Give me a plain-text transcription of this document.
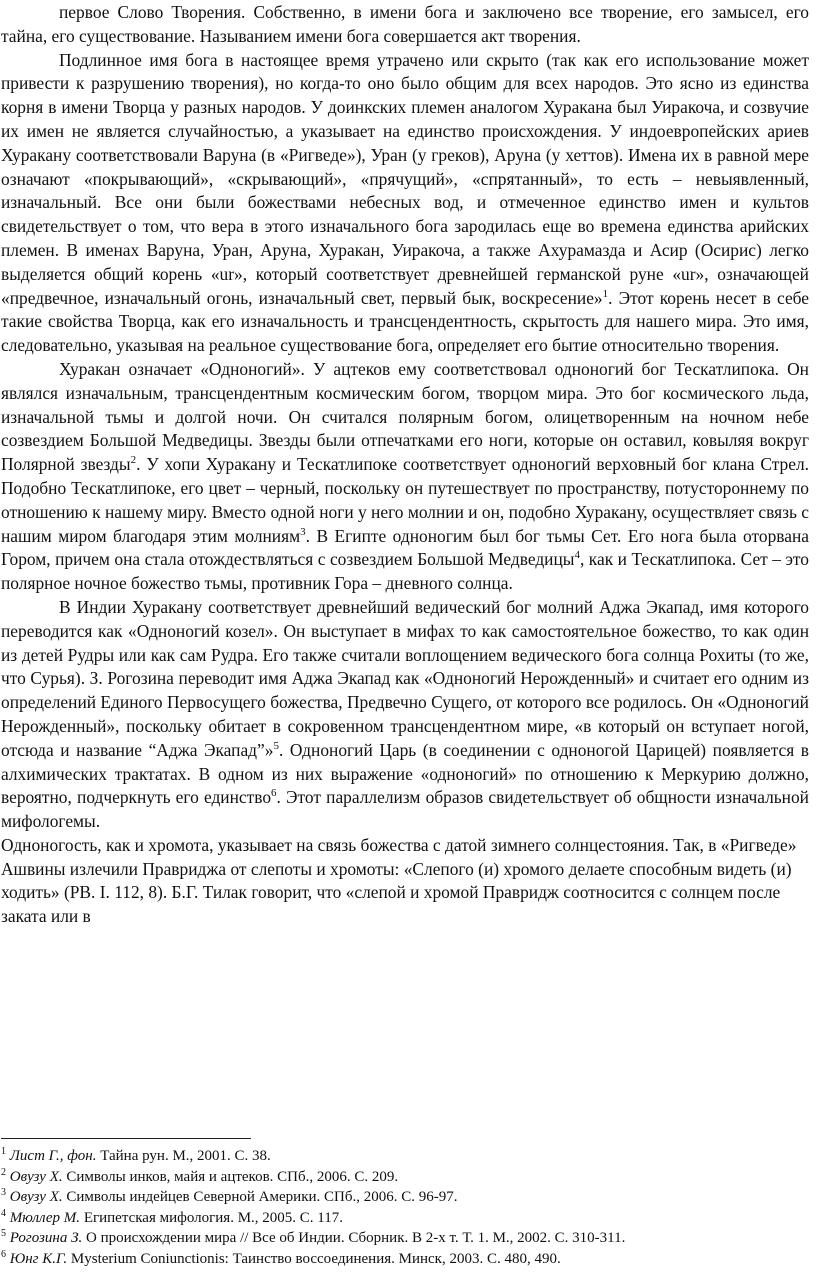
первое Слово Творения. Собственно, в имени бога и заключено все творение, его замысел, его тайна, его существование. Называнием имени бога совершается акт творения.

Подлинное имя бога в настоящее время утрачено или скрыто (так как его использование может привести к разрушению творения), но когда-то оно было общим для всех народов. Это ясно из единства корня в имени Творца у разных народов. У доинкских племен аналогом Хуракана был Уиракоча, и созвучие их имен не является случайностью, а указывает на единство происхождения. У индоевропейских ариев Хуракану соответствовали Варуна (в «Ригведе»), Уран (у греков), Аруна (у хеттов). Имена их в равной мере означают «покрывающий», «скрывающий», «прячущий», «спрятанный», то есть – невыявленный, изначальный. Все они были божествами небесных вод, и отмеченное единство имен и культов свидетельствует о том, что вера в этого изначального бога зародилась еще во времена единства арийских племен. В именах Варуна, Уран, Аруна, Хуракан, Уиракоча, а также Ахурамазда и Асир (Осирис) легко выделяется общий корень «ur», который соответствует древнейшей германской руне «ur», означающей «предвечное, изначальный огонь, изначальный свет, первый бык, воскресение»$^1$. Этот корень несет в себе такие свойства Творца, как его изначальность и трансцендентность, скрытость для нашего мира. Это имя, следовательно, указывая на реальное существование бога, определяет его бытие относительно творения.

Хуракан означает «Одноногий». У ацтеков ему соответствовал одноногий бог Тескатлипока. Он являлся изначальным, трансцендентным космическим богом, творцом мира. Это бог космического льда, изначальной тьмы и долгой ночи. Он считался полярным богом, олицетворенным на ночном небе созвездием Большой Медведицы. Звезды были отпечатками его ноги, которые он оставил, ковыляя вокруг Полярной звезды$^2$. У хопи Хуракану и Тескатлипоке соответствует одноногий верховный бог клана Стрел. Подобно Тескатлипоке, его цвет – черный, поскольку он путешествует по пространству, потустороннему по отношению к нашему миру. Вместо одной ноги у него молнии и он, подобно Хуракану, осуществляет связь с нашим миром благодаря этим молниям$^3$. В Египте одноногим был бог тьмы Сет. Его нога была оторвана Гором, причем она стала отождествляться с созвездием Большой Медведицы$^4$, как и Тескатлипока. Сет – это полярное ночное божество тьмы, противник Гора – дневного солнца.

В Индии Хуракану соответствует древнейший ведический бог молний Аджа Экапад, имя которого переводится как «Одноногий козел». Он выступает в мифах то как самостоятельное божество, то как один из детей Рудры или как сам Рудра. Его также считали воплощением ведического бога солнца Рохиты (то же, что Сурья). З. Рогозина переводит имя Аджа Экапад как «Одноногий Нерожденный» и считает его одним из определений Единого Первосущего божества, Предвечно Сущего, от которого все родилось. Он «Одноногий Нерожденный», поскольку обитает в сокровенном трансцендентном мире, «в который он вступает ногой, отсюда и название “Аджа Экапад”»$^5$. Одноногий Царь (в соединении с одноногой Царицей) появляется в алхимических трактатах. В одном из них выражение «одноногий» по отношению к Меркурию должно, вероятно, подчеркнуть его единство$^6$. Этот параллелизм образов свидетельствует об общности изначальной мифологемы.

Одноногость, как и хромота, указывает на связь божества с датой зимнего солнцестояния. Так, в «Ригведе» Ашвины излечили Правриджа от слепоты и хромоты: «Слепого (и) хромого делаете способным видеть (и) ходить» (РВ. I. 112, 8). Б.Г. Тилак говорит, что «слепой и хромой Правридж соотносится с солнцем после заката или в

$^1$ Лист Г., фон. Тайна рун. М., 2001. С. 38.

$^2$ Овузу Х. Символы инков, майя и ацтеков. СПб., 2006. С. 209.

$^3$ Овузу Х. Символы индейцев Северной Америки. СПб., 2006. С. 96-97.

$^4$ Мюллер М. Египетская мифология. М., 2005. С. 117.

$^5$ Рогозина З. О происхождении мира // Все об Индии. Сборник. В 2-х т. Т. 1. М., 2002. С. 310-311.

$^6$ Юнг К.Г. Mysterium Coniunctionis: Таинство воссоединения. Минск, 2003. С. 480, 490.
